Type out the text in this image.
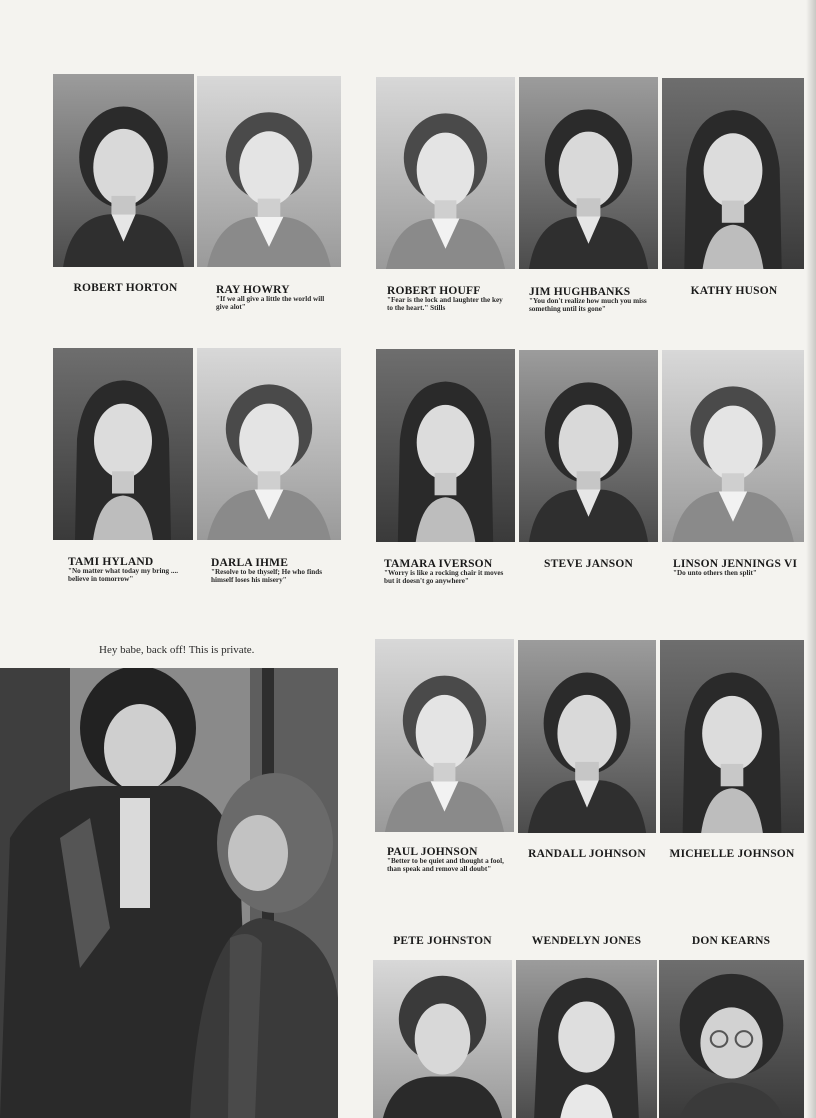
ROBERT HORTON	RAY HOWRY
"If we all give a little the world will give alot"
ROBERT HOUFF
"Fear is the lock and laughter the key to the heart." Stills
JIM HUGHBANKS
"You don't realize how much you miss something until its gone"
KATHY HUSON
TAMI HYLAND
"No matter what today my bring .... believe in tomorrow"
DARLA IHME
"Resolve to be thyself; He who finds himself loses his misery"
TAMARA IVERSON
"Worry is like a rocking chair it moves but it doesn't go anywhere"
STEVE JANSON	LINSON JENNINGS VI
"Do unto others then split"
Hey babe, back off! This is private.
PAUL JOHNSON
"Better to be quiet and thought a fool, than speak and remove all doubt"
RANDALL JOHNSON	MICHELLE JOHNSON
PETE JOHNSTON	WENDELYN JONES	DON KEARNS
